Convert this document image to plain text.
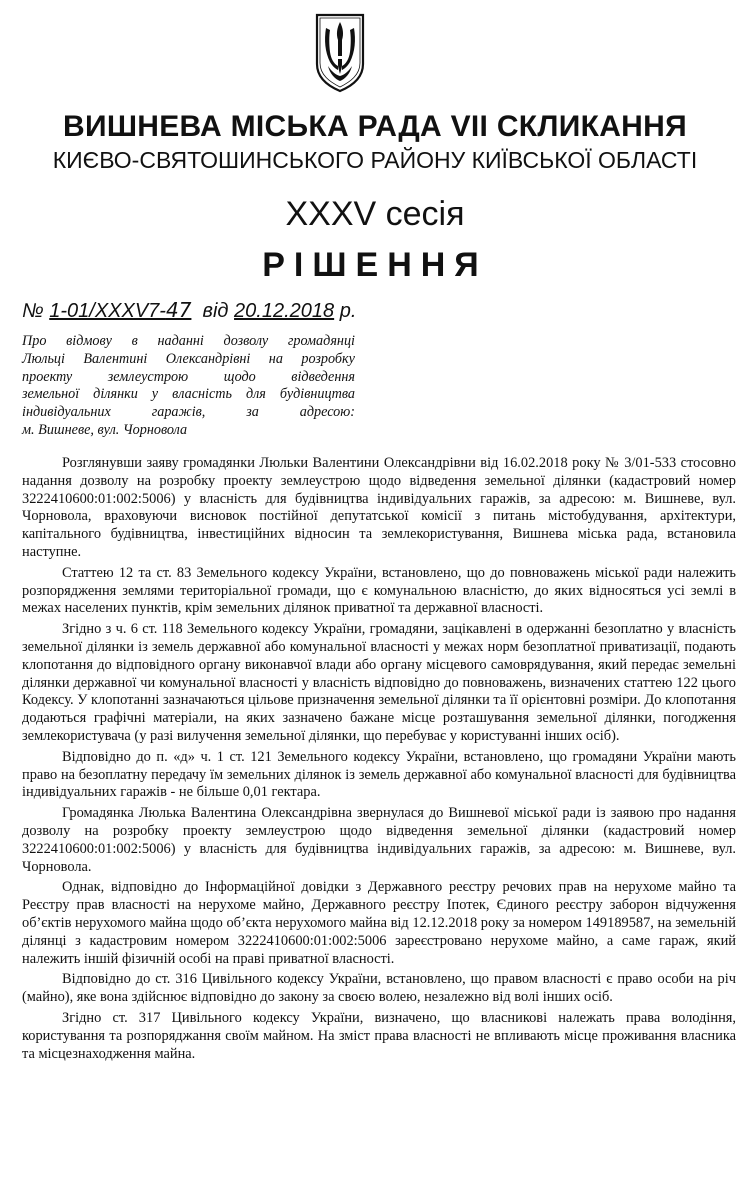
ВИШНЕВА МІСЬКА РАДА VII СКЛИКАННЯ
КИЄВО-СВЯТОШИНСЬКОГО РАЙОНУ КИЇВСЬКОЇ ОБЛАСТІ
XXXV сесія
РІШЕННЯ
№ 1-01/XXXV7-47 від 20.12.2018 р.
Про відмову в наданні дозволу громадянці
Люльці Валентині Олександрівні на розробку
проекту землеустрою щодо відведення
земельної ділянки у власність для будівництва
індивідуальних гаражів, за адресою:
м. Вишневе, вул. Чорновола

Розглянувши заяву громадянки Люльки Валентини Олександрівни від 16.02.2018 року № 3/01-533 стосовно надання дозволу на розробку проекту землеустрою щодо відведення земельної ділянки (кадастровий номер 3222410600:01:002:5006) у власність для будівництва індивідуальних гаражів, за адресою: м. Вишневе, вул. Чорновола, враховуючи висновок постійної депутатської комісії з питань містобудування, архітектури, капітального будівництва, інвестиційних відносин та землекористування, Вишнева міська рада, встановила наступне.

Статтею 12 та ст. 83 Земельного кодексу України, встановлено, що до повноважень міської ради належить розпорядження землями територіальної громади, що є комунальною власністю, до яких відносяться усі землі в межах населених пунктів, крім земельних ділянок приватної та державної власності.

Згідно з ч. 6 ст. 118 Земельного кодексу України, громадяни, зацікавлені в одержанні безоплатно у власність земельної ділянки із земель державної або комунальної власності у межах норм безоплатної приватизації, подають клопотання до відповідного органу виконавчої влади або органу місцевого самоврядування, який передає земельні ділянки державної чи комунальної власності у власність відповідно до повноважень, визначених статтею 122 цього Кодексу. У клопотанні зазначаються цільове призначення земельної ділянки та її орієнтовні розміри. До клопотання додаються графічні матеріали, на яких зазначено бажане місце розташування земельної ділянки, погодження землекористувача (у разі вилучення земельної ділянки, що перебуває у користуванні інших осіб).

Відповідно до п. «д» ч. 1 ст. 121 Земельного кодексу України, встановлено, що громадяни України мають право на безоплатну передачу їм земельних ділянок із земель державної або комунальної власності для будівництва індивідуальних гаражів - не більше 0,01 гектара.

Громадянка Люлька Валентина Олександрівна звернулася до Вишневої міської ради із заявою про надання дозволу на розробку проекту землеустрою щодо відведення земельної ділянки (кадастровий номер 3222410600:01:002:5006) у власність для будівництва індивідуальних гаражів, за адресою: м. Вишневе, вул. Чорновола.

Однак, відповідно до Інформаційної довідки з Державного реєстру речових прав на нерухоме майно та Реєстру прав власності на нерухоме майно, Державного реєстру Іпотек, Єдиного реєстру заборон відчуження об’єктів нерухомого майна щодо об’єкта нерухомого майна від 12.12.2018 року за номером 149189587, на земельній ділянці з кадастровим номером 3222410600:01:002:5006 зареєстровано нерухоме майно, а саме гараж, який належить іншій фізичній особі на праві приватної власності.

Відповідно до ст. 316 Цивільного кодексу України, встановлено, що правом власності є право особи на річ (майно), яке вона здійснює відповідно до закону за своєю волею, незалежно від волі інших осіб.

Згідно ст. 317 Цивільного кодексу України, визначено, що власникові належать права володіння, користування та розпоряджання своїм майном. На зміст права власності не впливають місце проживання власника та місцезнаходження майна.
